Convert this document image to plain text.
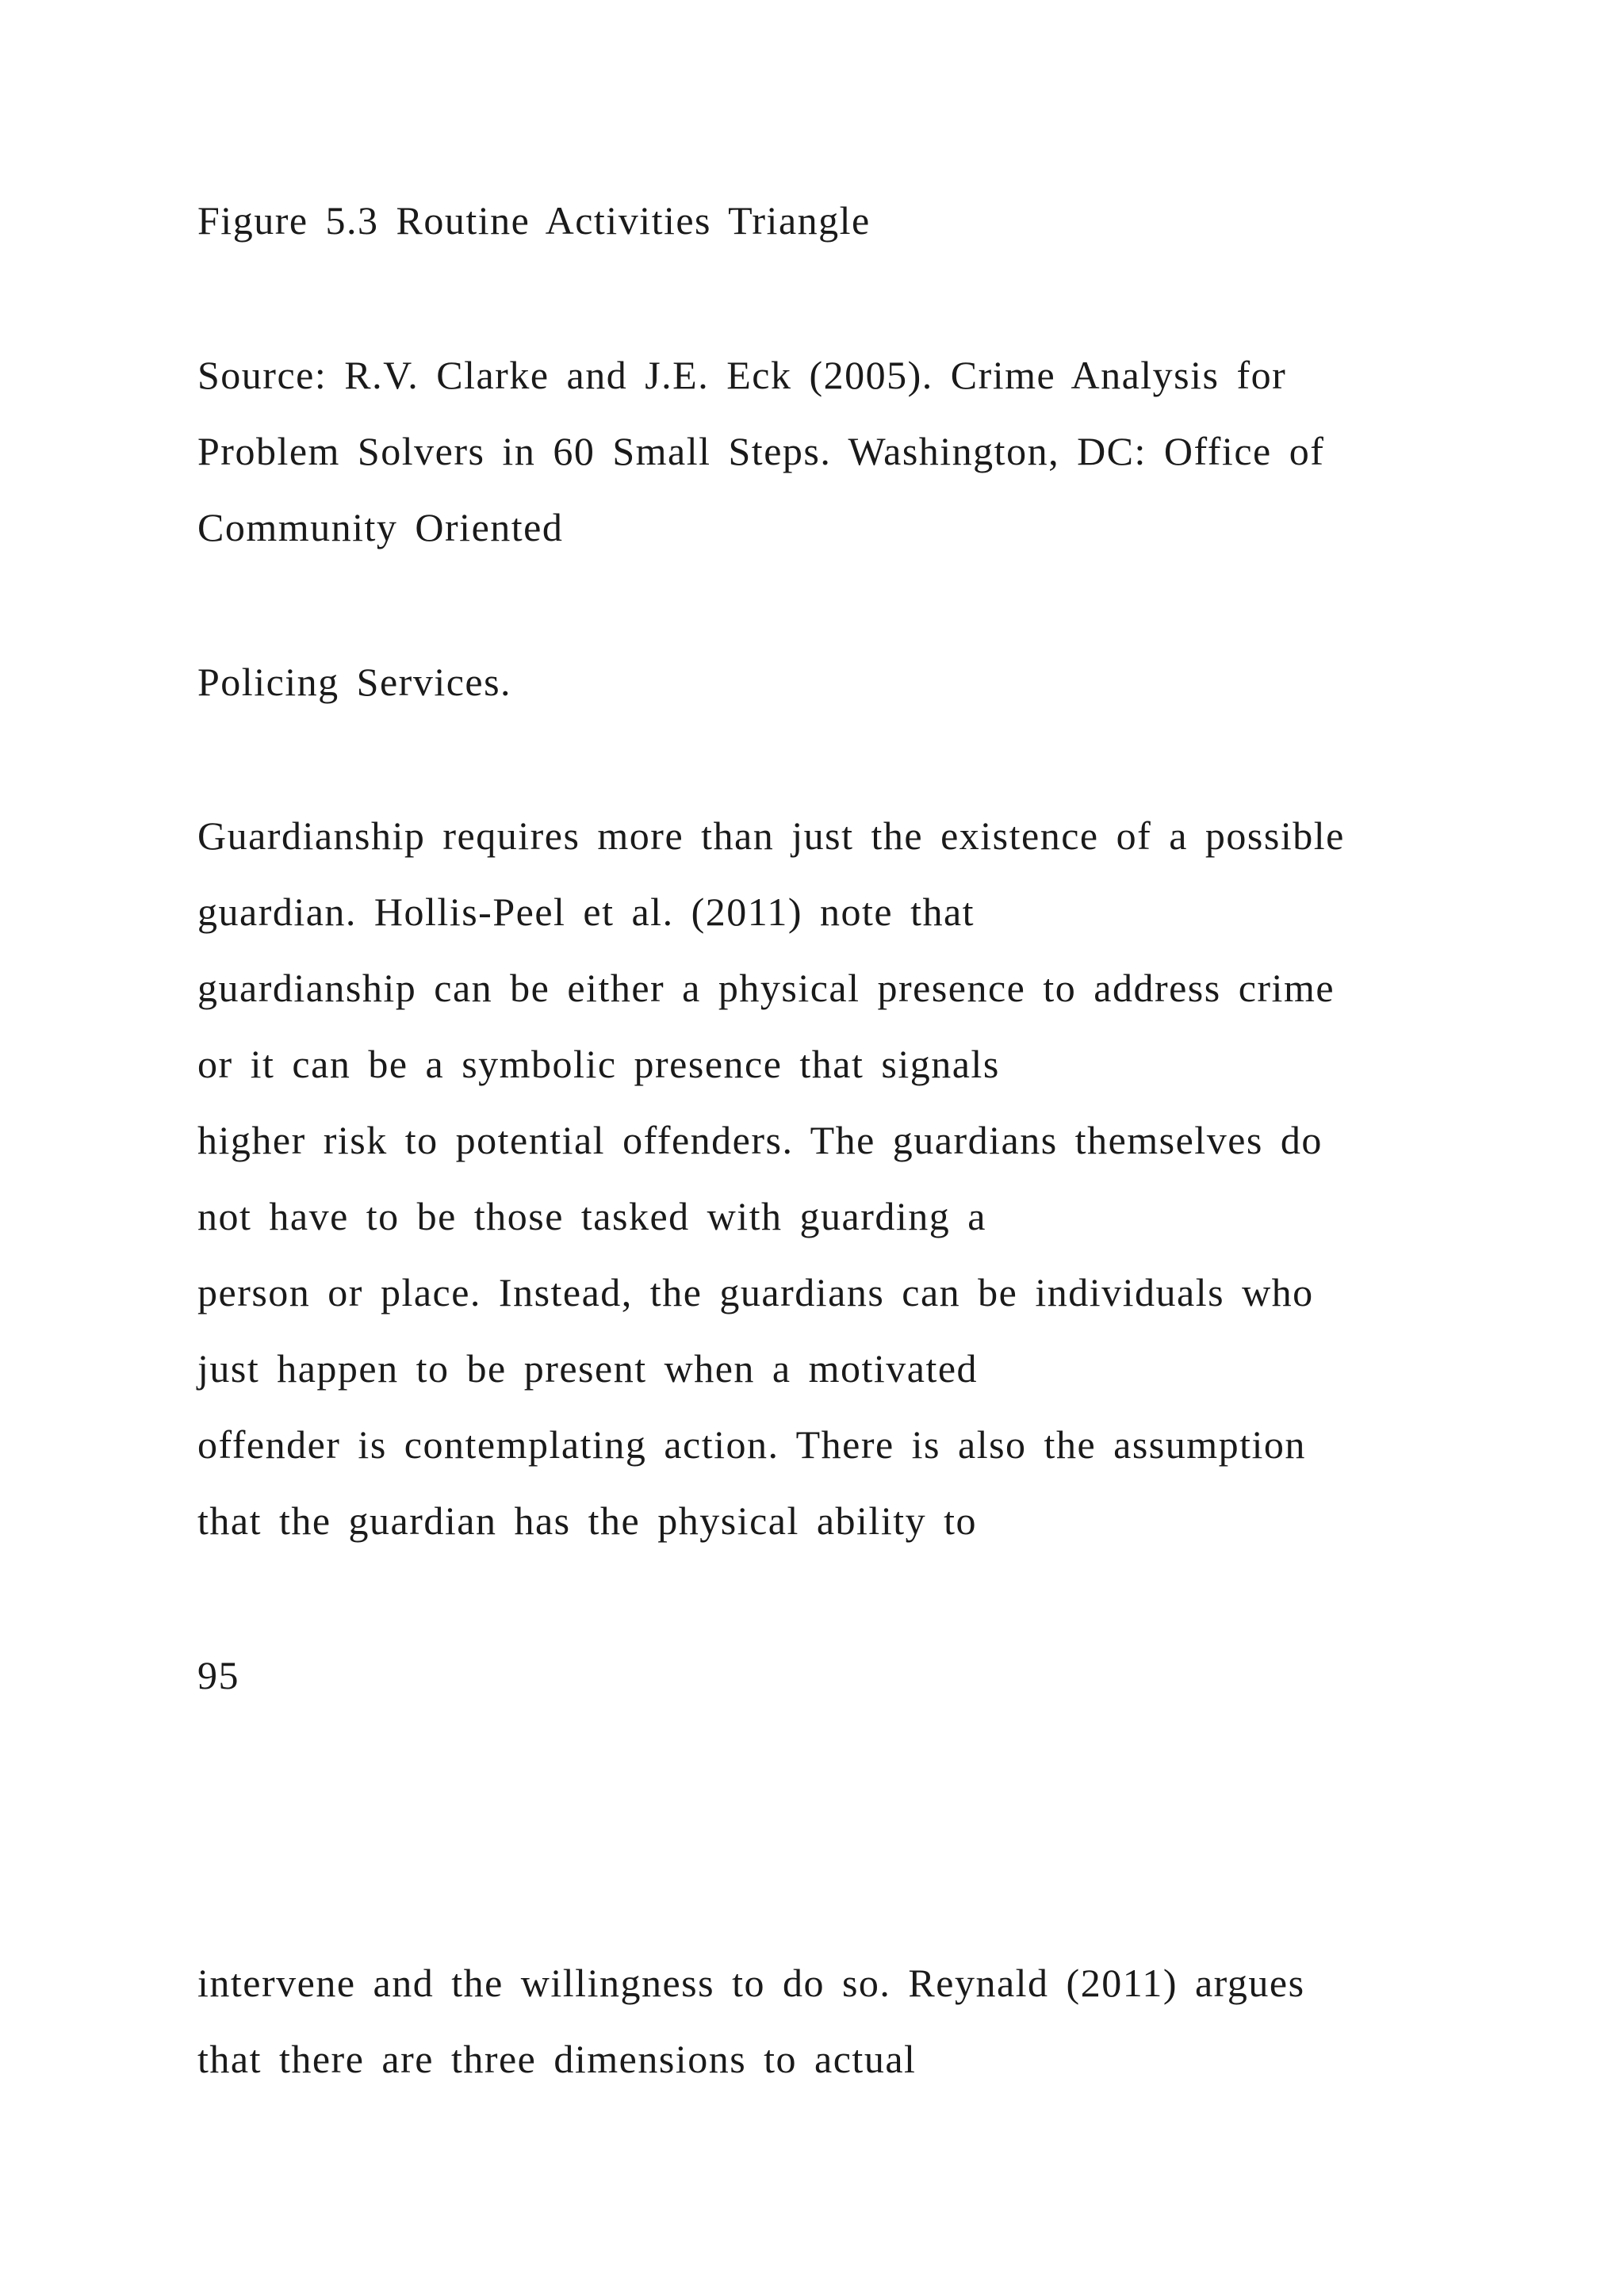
Figure 5.3 Routine Activities Triangle
Source: R.V. Clarke and J.E. Eck (2005). Crime Analysis for
Problem Solvers in 60 Small Steps. Washington, DC: Office of
Community Oriented
Policing Services.
Guardianship requires more than just the existence of a possible
guardian. Hollis-Peel et al. (2011) note that
guardianship can be either a physical presence to address crime
or it can be a symbolic presence that signals
higher risk to potential offenders. The guardians themselves do
not have to be those tasked with guarding a
person or place. Instead, the guardians can be individuals who
just happen to be present when a motivated
offender is contemplating action. There is also the assumption
that the guardian has the physical ability to
95
intervene and the willingness to do so. Reynald (2011) argues
that there are three dimensions to actual
